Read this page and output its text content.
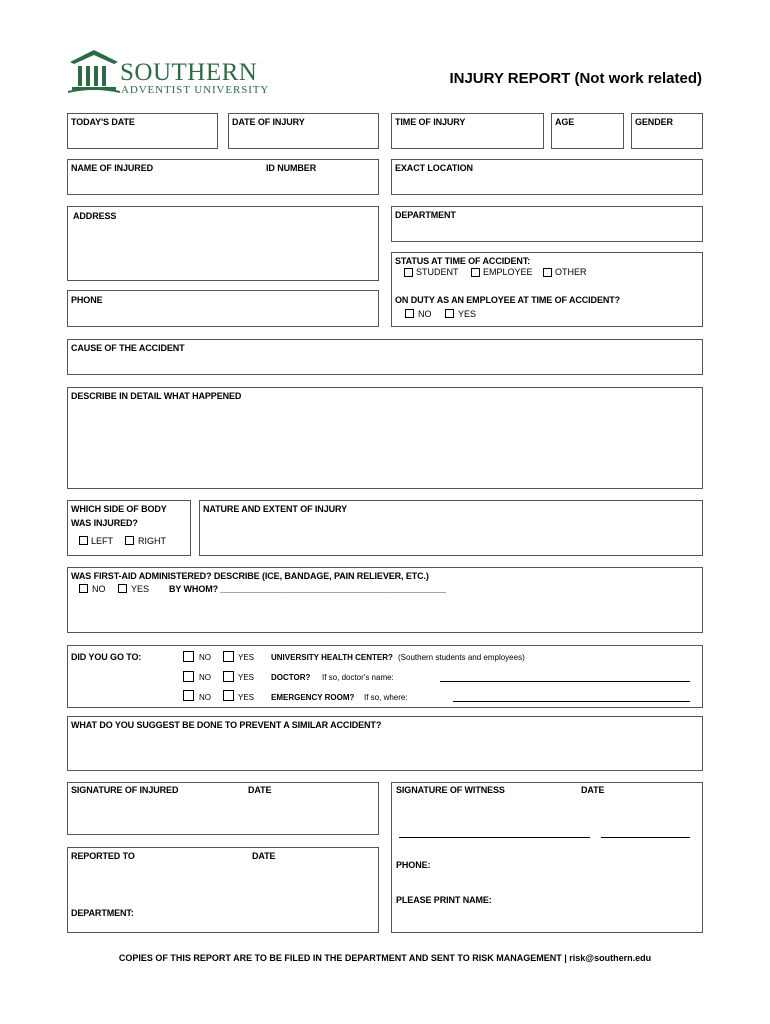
SOUTHERN
ADVENTIST UNIVERSITY
INJURY REPORT (Not work related)
TODAY'S DATE	DATE OF INJURY	TIME OF INJURY	AGE	GENDER
NAME OF INJURED	ID NUMBER	EXACT LOCATION
ADDRESS	DEPARTMENT
STATUS AT TIME OF ACCIDENT:
STUDENT	EMPLOYEE OTHER
ON DUTY AS AN EMPLOYEE AT TIME OF ACCIDENT?
NO	YES
PHONE
CAUSE OF THE ACCIDENT
DESCRIBE IN DETAIL WHAT HAPPENED
WHICH SIDE OF BODY
WAS INJURED?
LEFT	RIGHT
NATURE AND EXTENT OF INJURY
WAS FIRST-AID ADMINISTERED? DESCRIBE (ICE, BANDAGE, PAIN RELIEVER, ETC.)
NO	YES BY WHOM? ______________________________________________
DID YOU GO TO:	NO	YES UNIVERSITY HEALTH CENTER? (Southern students and employees)
NO	YES DOCTOR? If so, doctor's name:
NO	YES EMERGENCY ROOM? If so, where:
WHAT DO YOU SUGGEST BE DONE TO PREVENT A SIMILAR ACCIDENT?
SIGNATURE OF INJURED	DATE	SIGNATURE OF WITNESS	DATE
PHONE:
PLEASE PRINT NAME:
REPORTED TO	DATE
DEPARTMENT:
COPIES OF THIS REPORT ARE TO BE FILED IN THE DEPARTMENT AND SENT TO RISK MANAGEMENT | risk@southern.edu
